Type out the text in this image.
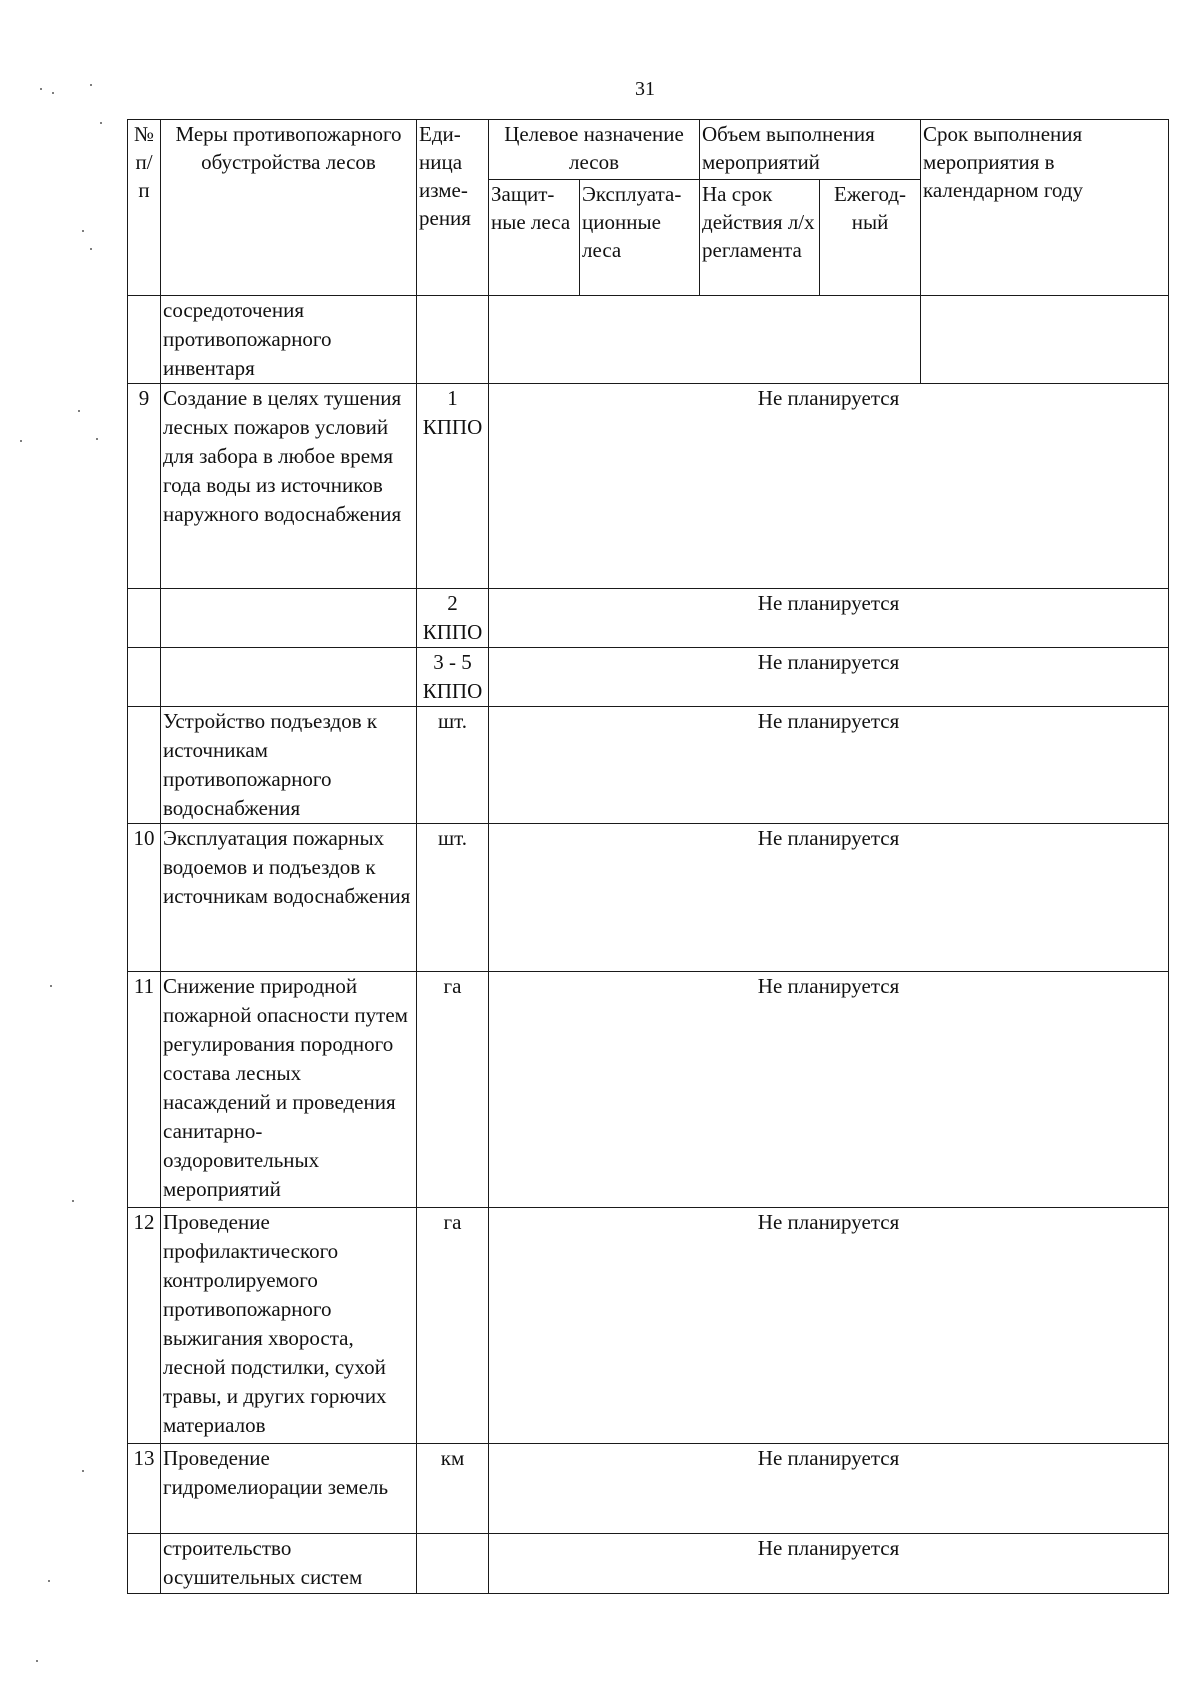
31
№ п/п	Меры противопожарного обустройства лесов	Еди- ница изме- рения	Целевое назначение лесов		Объем выполнения мероприятий		Срок выполнения мероприятия в календарном году
			Защит- ные леса	Эксплуата- ционные леса	На срок действия л/х регламента	Ежегод- ный	
	сосредоточения противопожарного инвентаря						
9	Создание в целях тушения лесных пожаров условий для забора в любое время года воды из источников наружного водоснабжения	1 КППО	Не планируется				
		2 КППО	Не планируется				
		3 - 5 КППО	Не планируется				
	Устройство подъездов к источникам противопожарного водоснабжения	шт.	Не планируется				
10	Эксплуатация пожарных водоемов и подъездов к источникам водоснабжения	шт.	Не планируется				
11	Снижение природной пожарной опасности путем регулирования породного состава лесных насаждений и проведения санитарно- оздоровительных мероприятий	га	Не планируется				
12	Проведение профилактического контролируемого противопожарного выжигания хвороста, лесной подстилки, сухой травы, и других горючих материалов	га	Не планируется				
13	Проведение гидромелиорации земель	км	Не планируется				
	строительство осушительных систем		Не планируется				
